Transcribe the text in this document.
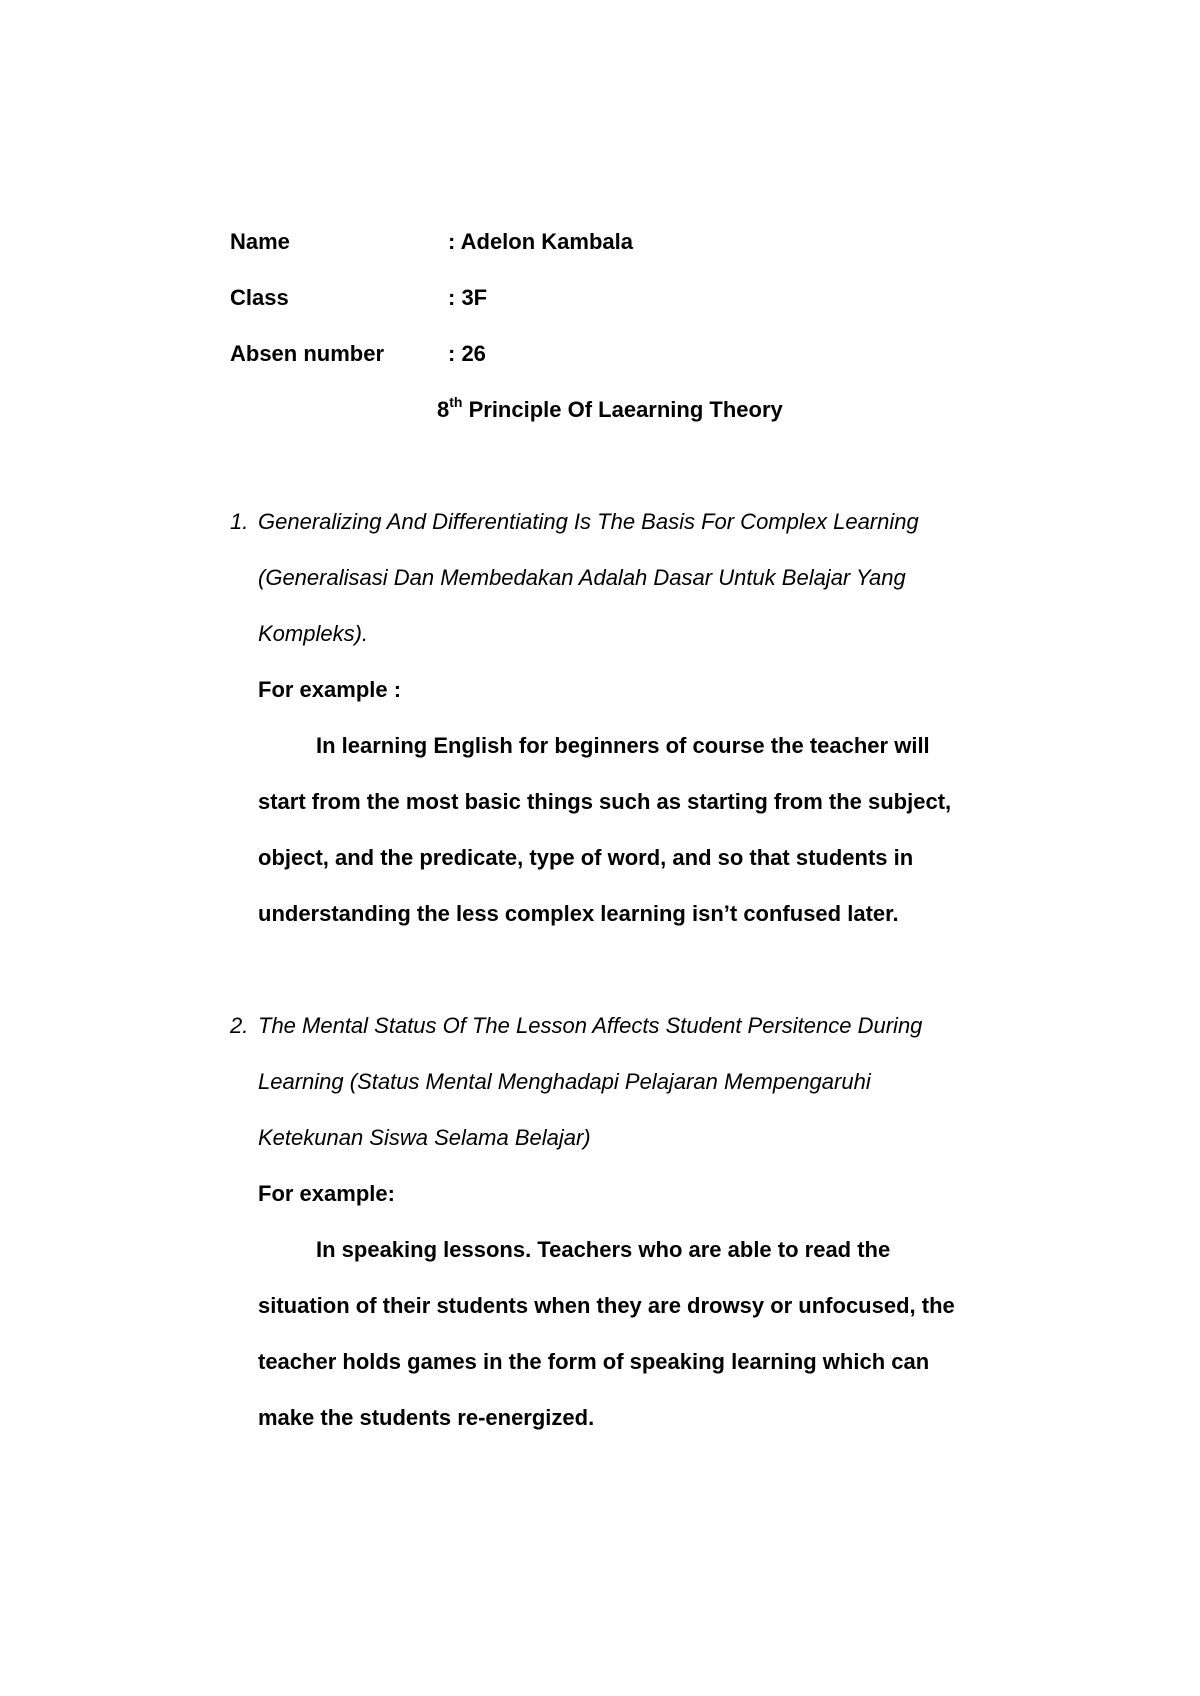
Name	: Adelon Kambala
Class	: 3F
Absen number	: 26
8th Principle Of Laearning Theory
1. Generalizing And Differentiating Is The Basis For Complex Learning
(Generalisasi Dan Membedakan Adalah Dasar Untuk Belajar Yang
Kompleks).
For example :
In learning English for beginners of course the teacher will
start from the most basic things such as starting from the subject,
object, and the predicate, type of word, and so that students in
understanding the less complex learning isn’t confused later.
2. The Mental Status Of The Lesson Affects Student Persitence During
Learning (Status Mental Menghadapi Pelajaran Mempengaruhi
Ketekunan Siswa Selama Belajar)
For example:
In speaking lessons. Teachers who are able to read the
situation of their students when they are drowsy or unfocused, the
teacher holds games in the form of speaking learning which can
make the students re-energized.
